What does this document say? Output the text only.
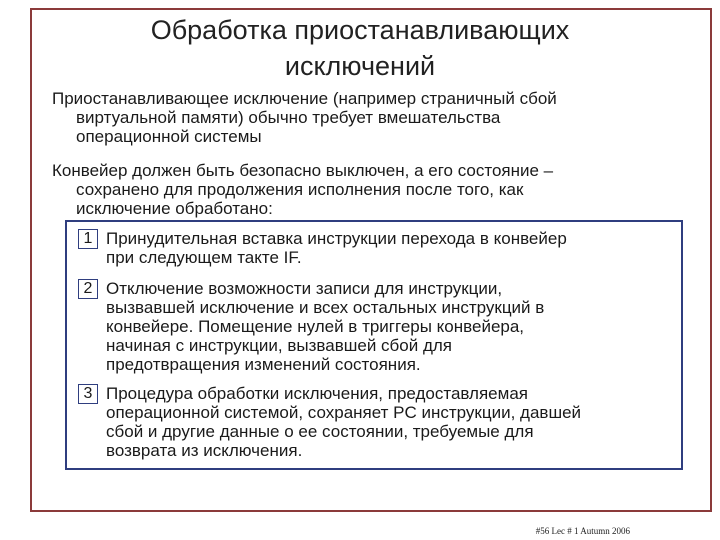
Обработка приостанавливающих
исключений

Приостанавливающее исключение (например страничный сбой
виртуальной памяти) обычно требует вмешательства
операционной системы

Конвейер должен быть безопасно выключен, а его состояние –
сохранено для продолжения исполнения после того, как
исключение обработано:

1 Принудительная вставка инструкции перехода в конвейер
при следующем такте IF.
2 Отключение возможности записи для инструкции,
вызвавшей исключение и всех остальных инструкций в
конвейере. Помещение нулей в триггеры конвейера,
начиная с инструкции, вызвавшей сбой для
предотвращения изменений состояния.
3 Процедура обработки исключения, предоставляемая
операционной системой, сохраняет PC инструкции, давшей
сбой и другие данные о ее состоянии, требуемые для
возврата из исключения.
#56 Lec # 1 Autumn 2006
